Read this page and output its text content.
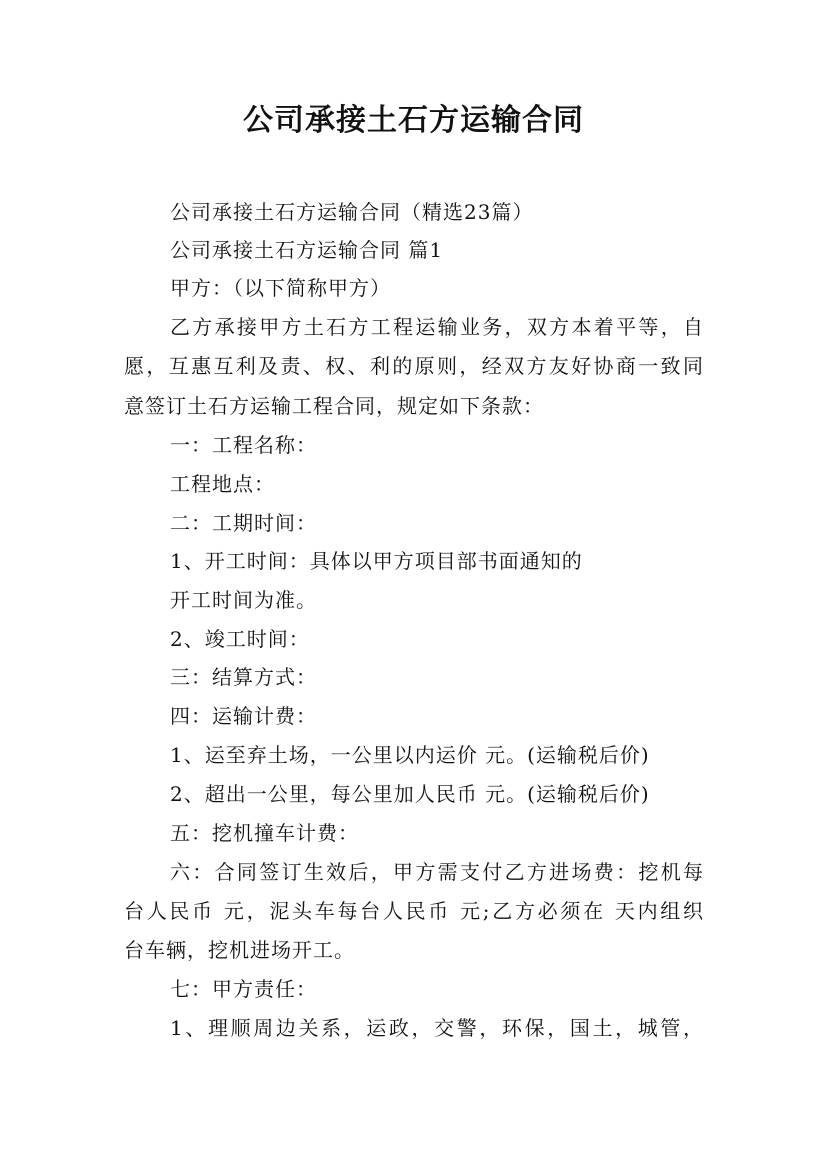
公司承接土石方运输合同
公司承接土石方运输合同（精选23篇）
公司承接土石方运输合同 篇1
甲方：（以下简称甲方）
乙方承接甲方土石方工程运输业务，双方本着平等，自
愿，互惠互利及责、权、利的原则，经双方友好协商一致同
意签订土石方运输工程合同，规定如下条款：
一：工程名称：
工程地点：
二：工期时间：
1、开工时间：具体以甲方项目部书面通知的
开工时间为准。
2、竣工时间：
三：结算方式：
四：运输计费：
1、运至弃土场，一公里以内运价 元。(运输税后价)
2、超出一公里，每公里加人民币 元。(运输税后价)
五：挖机撞车计费：
六：合同签订生效后，甲方需支付乙方进场费：挖机每
台人民币 元，泥头车每台人民币 元;乙方必须在 天内组织
台车辆，挖机进场开工。
七：甲方责任：
1、理顺周边关系，运政，交警，环保，国土，城管，
